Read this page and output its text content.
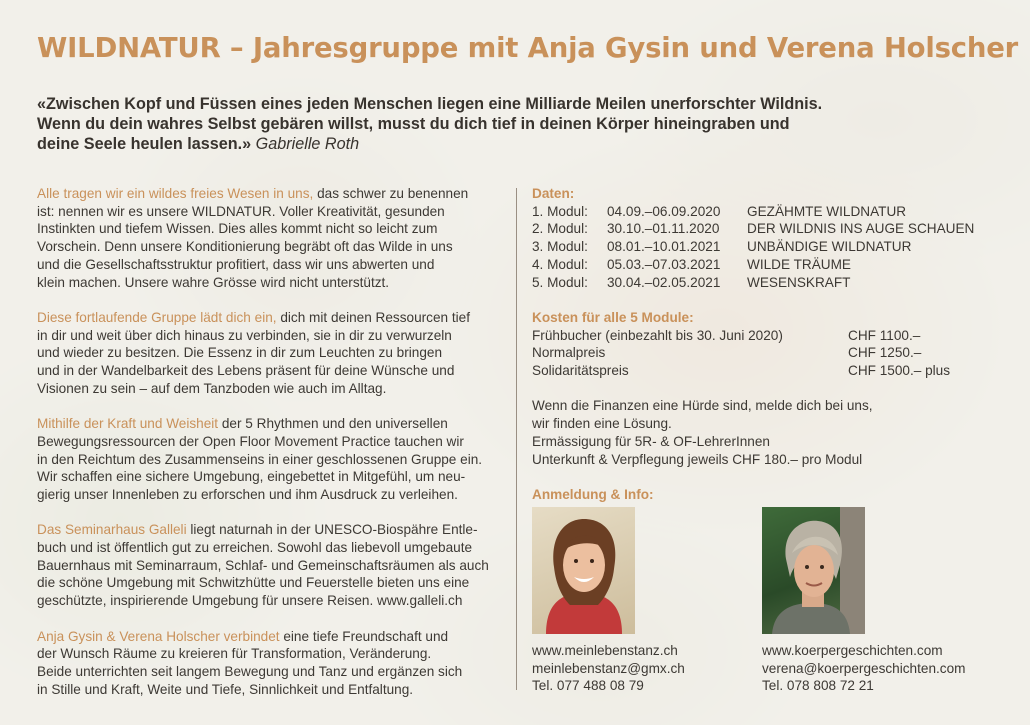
WILDNATUR – Jahresgruppe mit Anja Gysin und Verena Holscher
«Zwischen Kopf und Füssen eines jeden Menschen liegen eine Milliarde Meilen unerforschter Wildnis.
Wenn du dein wahres Selbst gebären willst, musst du dich tief in deinen Körper hineingraben und
deine Seele heulen lassen.» Gabrielle Roth

Alle tragen wir ein wildes freies Wesen in uns, das schwer zu benennen
ist: nennen wir es unsere WILDNATUR. Voller Kreativität, gesunden
Instinkten und tiefem Wissen. Dies alles kommt nicht so leicht zum
Vorschein. Denn unsere Konditionierung begräbt oft das Wilde in uns
und die Gesellschaftsstruktur profitiert, dass wir uns abwerten und
klein machen. Unsere wahre Grösse wird nicht unterstützt.

Diese fortlaufende Gruppe lädt dich ein, dich mit deinen Ressourcen tief
in dir und weit über dich hinaus zu verbinden, sie in dir zu verwurzeln
und wieder zu besitzen. Die Essenz in dir zum Leuchten zu bringen
und in der Wandelbarkeit des Lebens präsent für deine Wünsche und
Visionen zu sein – auf dem Tanzboden wie auch im Alltag.

Mithilfe der Kraft und Weisheit der 5 Rhythmen und den universellen
Bewegungsressourcen der Open Floor Movement Practice tauchen wir
in den Reichtum des Zusammenseins in einer geschlossenen Gruppe ein.
Wir schaffen eine sichere Umgebung, eingebettet in Mitgefühl, um neu-
gierig unser Innenleben zu erforschen und ihm Ausdruck zu verleihen.

Das Seminarhaus Galleli liegt naturnah in der UNESCO-Biospähre Entle-
buch und ist öffentlich gut zu erreichen. Sowohl das liebevoll umgebaute
Bauernhaus mit Seminarraum, Schlaf- und Gemeinschaftsräumen als auch
die schöne Umgebung mit Schwitzhütte und Feuerstelle bieten uns eine
geschützte, inspirierende Umgebung für unsere Reisen. www.galleli.ch

Anja Gysin & Verena Holscher verbindet eine tiefe Freundschaft und
der Wunsch Räume zu kreieren für Transformation, Veränderung.
Beide unterrichten seit langem Bewegung und Tanz und ergänzen sich
in Stille und Kraft, Weite und Tiefe, Sinnlichkeit und Entfaltung.

Daten:
1. Modul:	04.09.–06.09.2020	GEZÄHMTE WILDNATUR
2. Modul:	30.10.–01.11.2020	DER WILDNIS INS AUGE SCHAUEN
3. Modul:	08.01.–10.01.2021	UNBÄNDIGE WILDNATUR
4. Modul:	05.03.–07.03.2021	WILDE TRÄUME
5. Modul:	30.04.–02.05.2021	WESENSKRAFT
Kosten für alle 5 Module:
Frühbucher (einbezahlt bis 30. Juni 2020)	CHF 1100.–
Normalpreis	CHF 1250.–
Solidaritätspreis	CHF 1500.– plus
Wenn die Finanzen eine Hürde sind, melde dich bei uns,
wir finden eine Lösung.
Ermässigung für 5R- & OF-LehrerInnen
Unterkunft & Verpflegung jeweils CHF 180.– pro Modul
Anmeldung & Info:
www.meinlebenstanz.ch
meinlebenstanz@gmx.ch
Tel. 077 488 08 79
www.koerpergeschichten.com
verena@koerpergeschichten.com
Tel. 078 808 72 21
